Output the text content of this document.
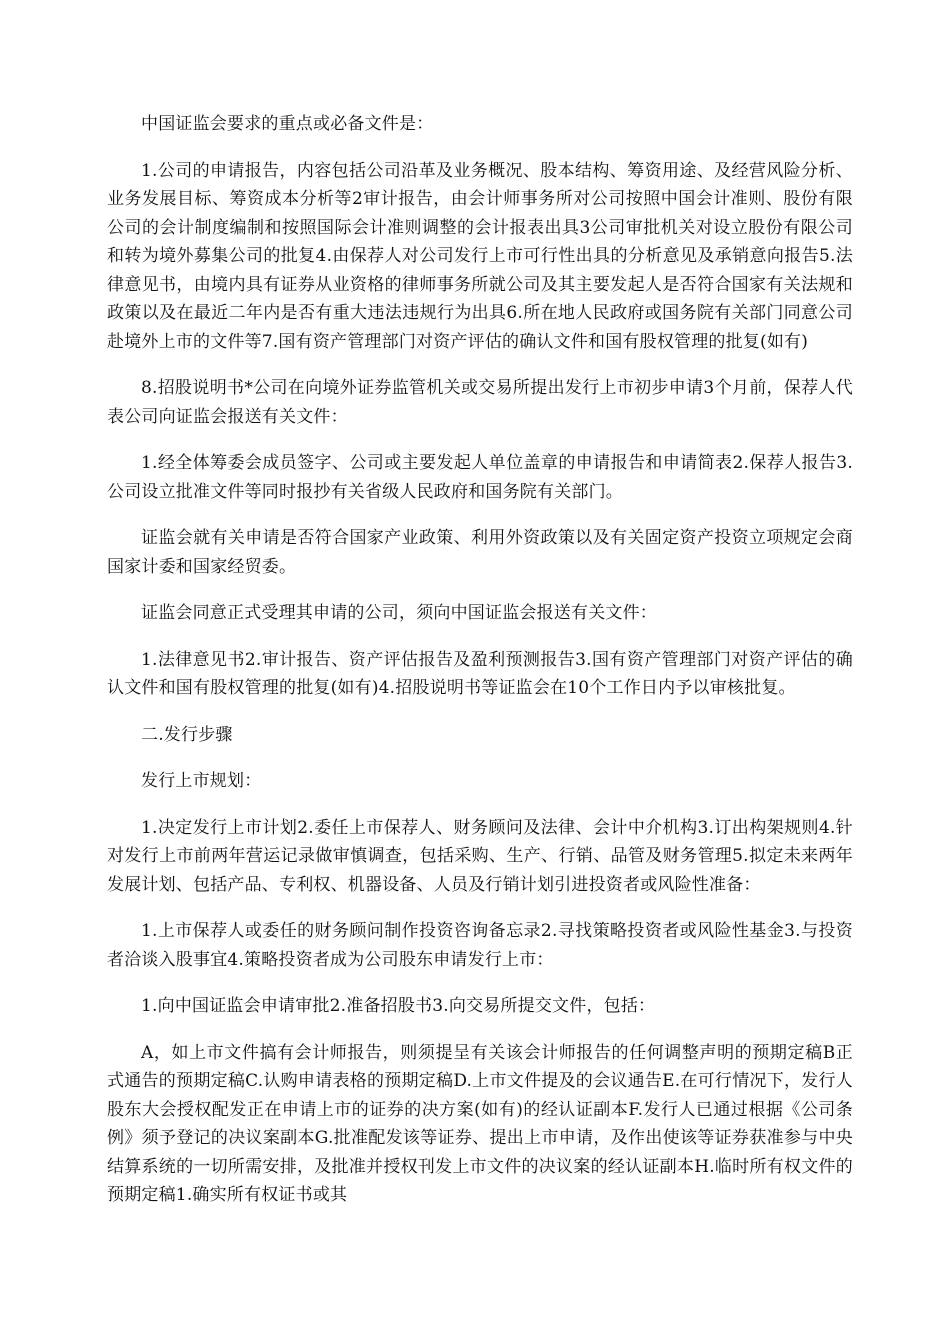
中国证监会要求的重点或必备文件是：

1.公司的申请报告，内容包括公司沿革及业务概况、股本结构、筹资用途、及经营风险分析、业务发展目标、筹资成本分析等2审计报告，由会计师事务所对公司按照中国会计准则、股份有限公司的会计制度编制和按照国际会计准则调整的会计报表出具3公司审批机关对设立股份有限公司和转为境外募集公司的批复4.由保荐人对公司发行上市可行性出具的分析意见及承销意向报告5.法律意见书，由境内具有证券从业资格的律师事务所就公司及其主要发起人是否符合国家有关法规和政策以及在最近二年内是否有重大违法违规行为出具6.所在地人民政府或国务院有关部门同意公司赴境外上市的文件等7.国有资产管理部门对资产评估的确认文件和国有股权管理的批复(如有)

8.招股说明书*公司在向境外证券监管机关或交易所提出发行上市初步申请3个月前，保荐人代表公司向证监会报送有关文件：

1.经全体筹委会成员签字、公司或主要发起人单位盖章的申请报告和申请简表2.保荐人报告3.公司设立批准文件等同时报抄有关省级人民政府和国务院有关部门。

证监会就有关申请是否符合国家产业政策、利用外资政策以及有关固定资产投资立项规定会商国家计委和国家经贸委。

证监会同意正式受理其申请的公司，须向中国证监会报送有关文件：

1.法律意见书2.审计报告、资产评估报告及盈利预测报告3.国有资产管理部门对资产评估的确认文件和国有股权管理的批复(如有)4.招股说明书等证监会在10个工作日内予以审核批复。

二.发行步骤

发行上市规划：

1.决定发行上市计划2.委任上市保荐人、财务顾问及法律、会计中介机构3.订出构架规则4.针对发行上市前两年营运记录做审慎调查，包括采购、生产、行销、品管及财务管理5.拟定未来两年发展计划、包括产品、专利权、机器设备、人员及行销计划引进投资者或风险性准备：

1.上市保荐人或委任的财务顾问制作投资咨询备忘录2.寻找策略投资者或风险性基金3.与投资者洽谈入股事宜4.策略投资者成为公司股东申请发行上市：

1.向中国证监会申请审批2.准备招股书3.向交易所提交文件，包括：

A，如上市文件搞有会计师报告，则须提呈有关该会计师报告的任何调整声明的预期定稿B正式通告的预期定稿C.认购申请表格的预期定稿D.上市文件提及的会议通告E.在可行情况下，发行人股东大会授权配发正在申请上市的证券的决方案(如有)的经认证副本F.发行人已通过根据《公司条例》须予登记的决议案副本G.批准配发该等证券、提出上市申请，及作出使该等证券获准参与中央结算系统的一切所需安排，及批准并授权刊发上市文件的决议案的经认证副本H.临时所有权文件的预期定稿1.确实所有权证书或其
